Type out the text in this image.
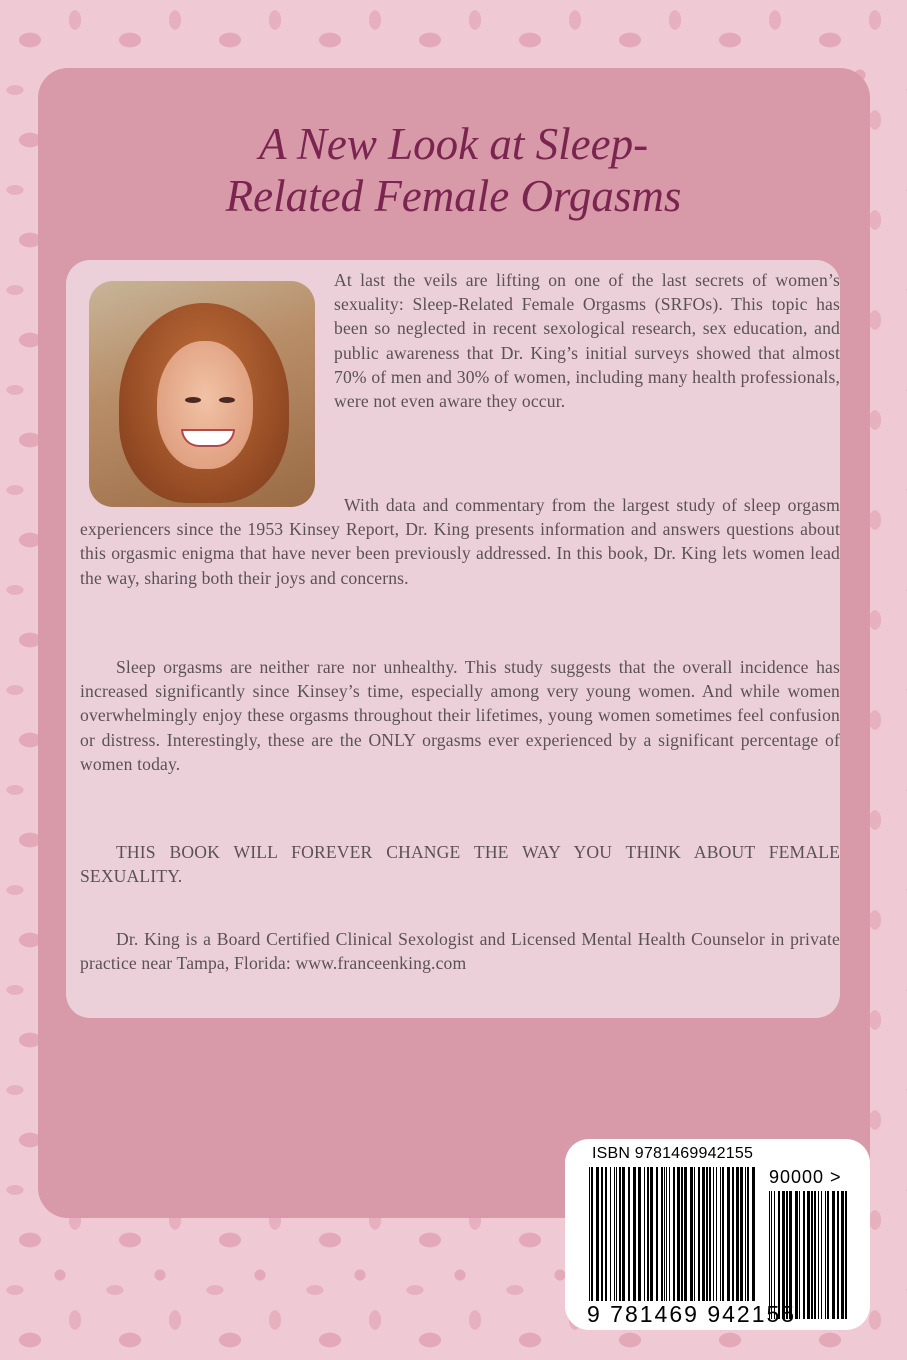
A New Look at Sleep-
Related Female Orgasms

At last the veils are lifting on one of the last secrets of women’s sexuality: Sleep-Related Female Orgasms (SRFOs). This topic has been so neglected in recent sexological research, sex education, and public awareness that Dr. King’s initial surveys showed that almost 70% of men and 30% of women, including many health professionals, were not even aware they occur.

With data and commentary from the largest study of sleep orgasm experiencers since the 1953 Kinsey Report, Dr. King presents information and answers questions about this orgasmic enigma that have never been previously addressed. In this book, Dr. King lets women lead the way, sharing both their joys and concerns.

Sleep orgasms are neither rare nor unhealthy. This study suggests that the overall incidence has increased significantly since Kinsey’s time, especially among very young women. And while women overwhelmingly enjoy these orgasms throughout their lifetimes, young women sometimes feel confusion or distress. Interestingly, these are the ONLY orgasms ever experienced by a significant percentage of women today.

THIS BOOK WILL FOREVER CHANGE THE WAY YOU THINK ABOUT FEMALE SEXUALITY.

Dr. King is a Board Certified Clinical Sexologist and Licensed Mental Health Counselor in private practice near Tampa, Florida: www.franceenking.com

ISBN 9781469942155
90000 >
9 781469 942155
